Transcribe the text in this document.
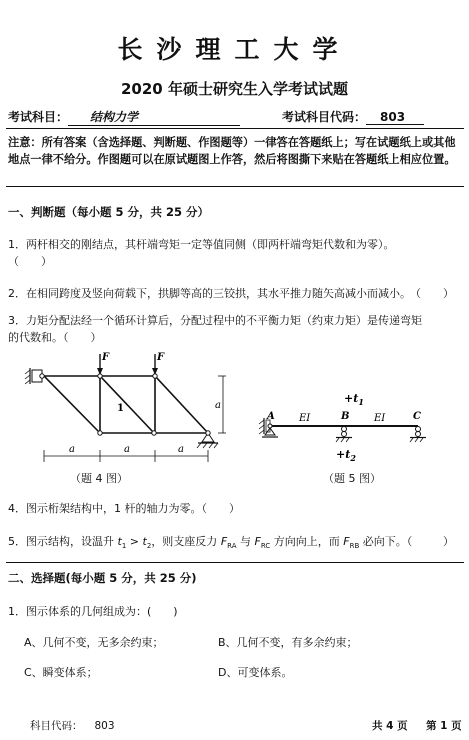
长沙理工大学
2020 年硕士研究生入学考试试题
考试科目： 结构力学	考试科目代码： 803
注意：所有答案（含选择题、判断题、作图题等）一律答在答题纸上；写在试题纸上或其他地点一律不给分。作图题可以在原试题图上作答，然后将图撕下来贴在答题纸上相应位置。
一、判断题（每小题 5 分，共 25 分）
1．两杆相交的刚结点，其杆端弯矩一定等值同侧（即两杆端弯矩代数和为零）。
（　　）
2．在相同跨度及竖向荷载下，拱脚等高的三铰拱，其水平推力随矢高减小而减小。 （　　）
3．力矩分配法经一个循环计算后，分配过程中的不平衡力矩（约束力矩）是传递弯矩
的代数和。（　　）
F	F
1	a
a	a	a
（题 4 图）
$+t_1$
A	B	C
EI	EI
$+t_2$
（题 5 图）
4．图示桁架结构中，1 杆的轴力为零。（　　）
5．图示结构，设温升 $t_1 > t_2$，则支座反力 $F_{RA}$ 与 $F_{RC}$ 方向向上，而 $F_{RB}$ 必向下。（	）
二、选择题(每小题 5 分，共 25 分)
1．图示体系的几何组成为：(　　)
A、几何不变，无多余约束；	B、几何不变，有多余约束；
C、瞬变体系；	D、可变体系。
科目代码： 803	共 4 页 第 1 页
